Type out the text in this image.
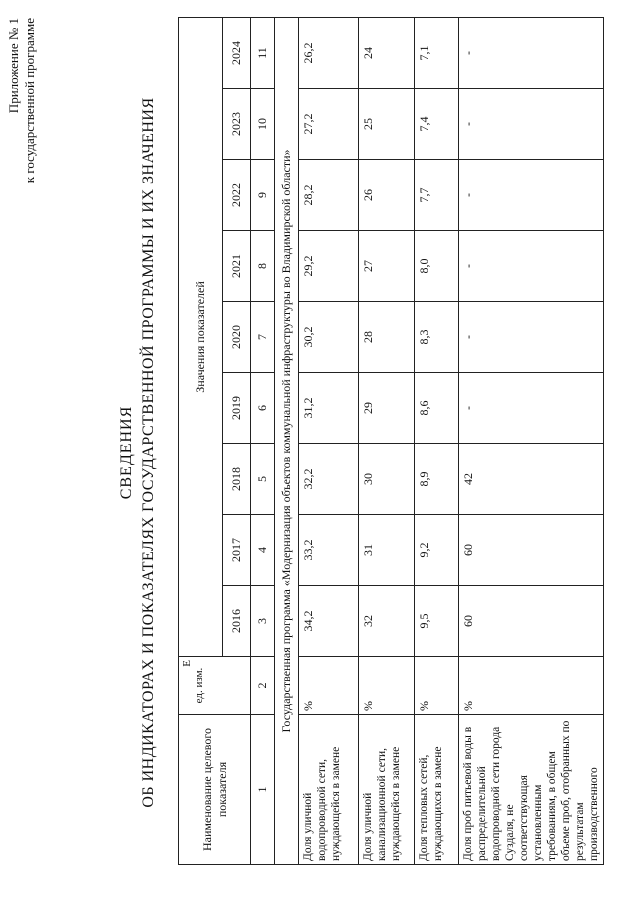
Приложение № 1 к государственной программе
СВЕДЕНИЯ ОБ ИНДИКАТОРАХ И ПОКАЗАТЕЛЯХ ГОСУДАРСТВЕННОЙ ПРОГРАММЫ И ИХ ЗНАЧЕНИЯ	Наименование целевого показателя	Е
ед. изм.	Значения показателей								
		2016	2017	2018	2019	2020	2021	2022	2023	2024
1	2	3	4	5	6	7	8	9	10	11
Государственная программа «Модернизация объектов коммунальной инфраструктуры во Владимирской области»										
Доля уличной водопроводной сети, нуждающейся в замене	%	34,2	33,2	32,2	31,2	30,2	29,2	28,2	27,2	26,2
Доля уличной канализационной сети, нуждающейся в замене	%	32	31	30	29	28	27	26	25	24
Доля тепловых сетей, нуждающихся в замене	%	9,5	9,2	8,9	8,6	8,3	8,0	7,7	7,4	7,1
Доля проб питьевой воды в распределительной водопроводной сети города Суздаля, не соответствующая установленным требованиям, в общем объеме проб, отобранных по результатам производственного	%	60	60	42	-	-	-	-	-	-
